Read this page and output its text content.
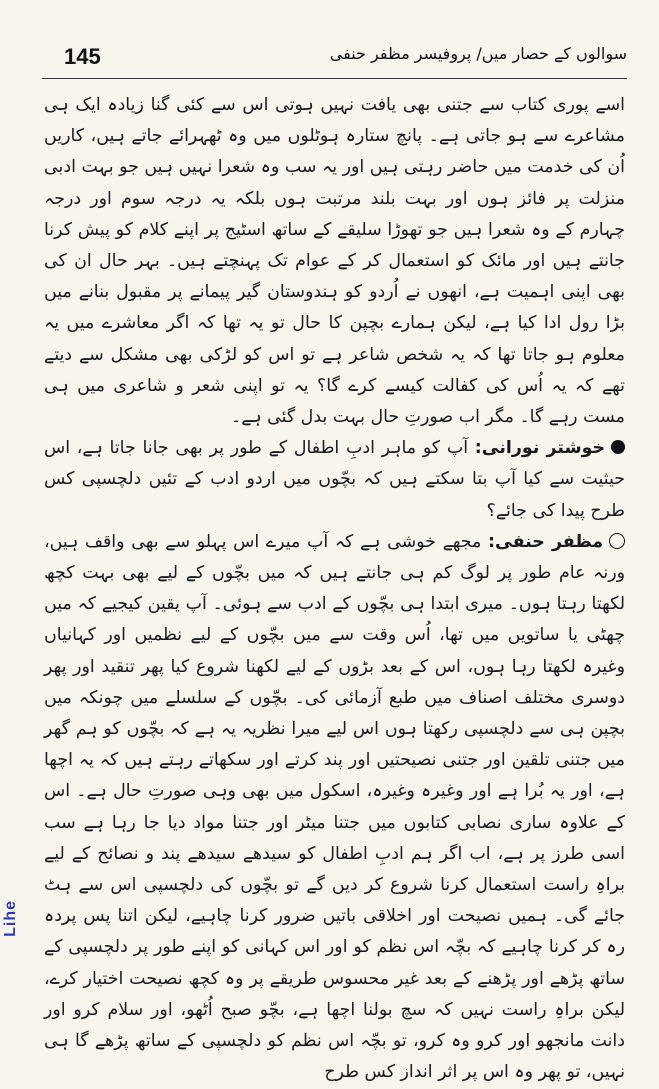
145	سوالوں کے حصار میں/ پروفیسر مظفر حنفی

اسے پوری کتاب سے جتنی بھی یافت نہیں ہوتی اس سے کئی گنا زیادہ ایک ہی مشاعرے سے ہو جاتی ہے۔ پانچ ستارہ ہوٹلوں میں وہ ٹھہرائے جاتے ہیں، کاریں اُن کی خدمت میں حاضر رہتی ہیں اور یہ سب وہ شعرا نہیں ہیں جو بہت ادبی منزلت پر فائز ہوں اور بہت بلند مرتبت ہوں بلکہ یہ درجہ سوم اور درجہ چہارم کے وہ شعرا ہیں جو تھوڑا سلیقے کے ساتھ اسٹیج پر اپنے کلام کو پیش کرنا جانتے ہیں اور مائک کو استعمال کر کے عوام تک پہنچتے ہیں۔ بہر حال ان کی بھی اپنی اہمیت ہے، انھوں نے اُردو کو ہندوستان گیر پیمانے پر مقبول بنانے میں بڑا رول ادا کیا ہے، لیکن ہمارے بچپن کا حال تو یہ تھا کہ اگر معاشرے میں یہ معلوم ہو جاتا تھا کہ یہ شخص شاعر ہے تو اس کو لڑکی بھی مشکل سے دیتے تھے کہ یہ اُس کی کفالت کیسے کرے گا؟ یہ تو اپنی شعر و شاعری میں ہی مست رہے گا۔ مگر اب صورتِ حال بہت بدل گئی ہے۔

خوشتر نورانی: آپ کو ماہر ادبِ اطفال کے طور پر بھی جانا جاتا ہے، اس حیثیت سے کیا آپ بتا سکتے ہیں کہ بچّوں میں اردو ادب کے تئیں دلچسپی کس طرح پیدا کی جائے؟

مظفر حنفی: مجھے خوشی ہے کہ آپ میرے اس پہلو سے بھی واقف ہیں، ورنہ عام طور پر لوگ کم ہی جانتے ہیں کہ میں بچّوں کے لیے بھی بہت کچھ لکھتا رہتا ہوں۔ میری ابتدا ہی بچّوں کے ادب سے ہوئی۔ آپ یقین کیجیے کہ میں چھٹی یا ساتویں میں تھا، اُس وقت سے میں بچّوں کے لیے نظمیں اور کہانیاں وغیرہ لکھتا رہا ہوں، اس کے بعد بڑوں کے لیے لکھنا شروع کیا پھر تنقید اور پھر دوسری مختلف اصناف میں طبع آزمائی کی۔ بچّوں کے سلسلے میں چونکہ میں بچپن ہی سے دلچسپی رکھتا ہوں اس لیے میرا نظریہ یہ ہے کہ بچّوں کو ہم گھر میں جتنی تلقین اور جتنی نصیحتیں اور پند کرتے اور سکھاتے رہتے ہیں کہ یہ اچھا ہے، اور یہ بُرا ہے اور وغیرہ وغیرہ، اسکول میں بھی وہی صورتِ حال ہے۔ اس کے علاوہ ساری نصابی کتابوں میں جتنا میٹر اور جتنا مواد دیا جا رہا ہے سب اسی طرز پر ہے، اب اگر ہم ادبِ اطفال کو سیدھے سیدھے پند و نصائح کے لیے براہِ راست استعمال کرنا شروع کر دیں گے تو بچّوں کی دلچسپی اس سے ہٹ جائے گی۔ ہمیں نصیحت اور اخلاقی باتیں ضرور کرنا چاہیے، لیکن اتنا پس پردہ رہ کر کرنا چاہیے کہ بچّہ اس نظم کو اور اس کہانی کو اپنے طور پر دلچسپی کے ساتھ پڑھے اور پڑھنے کے بعد غیر محسوس طریقے پر وہ کچھ نصیحت اختیار کرے، لیکن براہِ راست نہیں کہ سچ بولنا اچھا ہے، بچّو صبح اُٹھو، اور سلام کرو اور دانت مانجھو اور کرو وہ کرو، تو بچّہ اس نظم کو دلچسپی کے ساتھ پڑھے گا ہی نہیں، تو پھر وہ اس پر اثر انداز کس طرح

Lihe
